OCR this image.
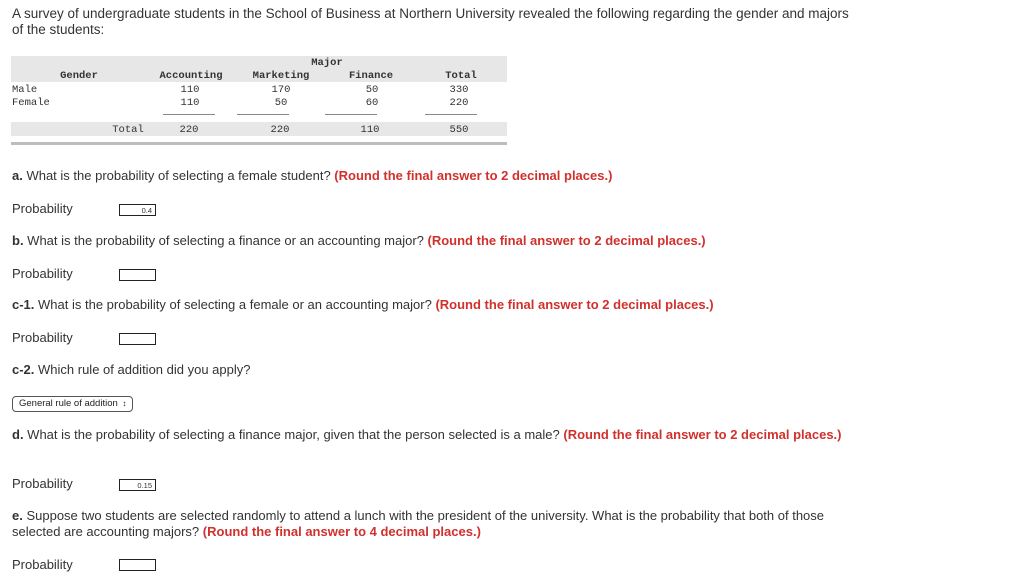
A survey of undergraduate students in the School of Business at Northern University revealed the following regarding the gender and majors of the students:
Major
Gender	Accounting	Marketing	Finance	Total
Male	110	170	50	330
Female	110	50	60	220
Total	220	220	110	550
a. What is the probability of selecting a female student? (Round the final answer to 2 decimal places.)
Probability	0.4
b. What is the probability of selecting a finance or an accounting major? (Round the final answer to 2 decimal places.)
Probability
c-1. What is the probability of selecting a female or an accounting major? (Round the final answer to 2 decimal places.)
Probability
c-2. Which rule of addition did you apply?
General rule of addition ↕
d. What is the probability of selecting a finance major, given that the person selected is a male? (Round the final answer to 2 decimal places.)
Probability	0.15
e. Suppose two students are selected randomly to attend a lunch with the president of the university. What is the probability that both of those selected are accounting majors? (Round the final answer to 4 decimal places.)
Probability
